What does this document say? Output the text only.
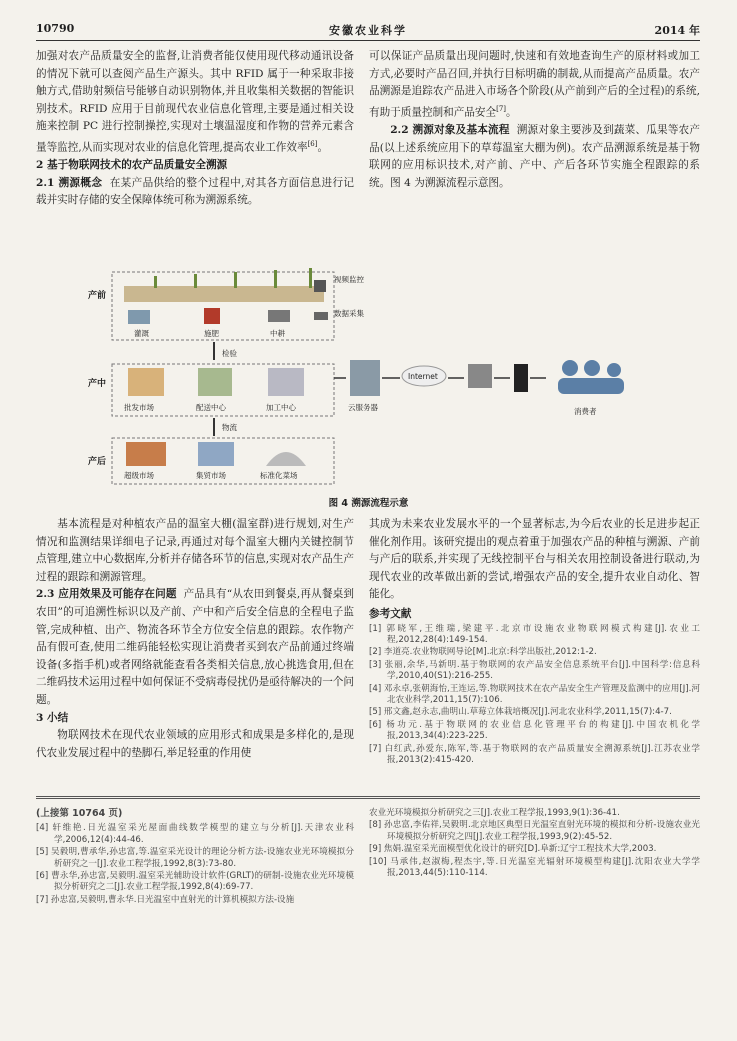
10790	安徽农业科学	2014 年

加强对农产品质量安全的监督,让消费者能仅使用现代移动通讯设备的情况下就可以查阅产品生产源头。其中 RFID 属于一种采取非接触方式,借助射频信号能够自动识别物体,并且收集相关数据的智能识别技术。RFID 应用于目前现代农业信息化管理,主要是通过相关设施来控制 PC 进行控制操控,实现对土壤温湿度和作物的营养元素含量等监控,从而实现对农业的信息化管理,提高农业工作效率[6]。

2 基于物联网技术的农产品质量安全溯源

2.1 溯源概念 在某产品供给的整个过程中,对其各方面信息进行记载并实时存储的安全保障体统可称为溯源系统。

可以保证产品质量出现问题时,快速和有效地查询生产的原材料或加工方式,必要时产品召回,并执行目标明确的制裁,从而提高产品质量。农产品溯源是追踪农产品进入市场各个阶段(从产前到产后的全过程)的系统,有助于质量控制和产品安全[7]。

2.2 溯源对象及基本流程 溯源对象主要涉及到蔬菜、瓜果等农产品(以上述系统应用下的草莓温室大棚为例)。农产品溯源系统是基于物联网的应用标识技术,对产前、产中、产后各环节实施全程跟踪的系统。图 4 为溯源流程示意图。

产前
产中
产后
灌溉	施肥	中耕
视频监控
数据采集
检验
批发市场	配送中心	加工中心
物流
超级市场	集贸市场	标准化菜场
云服务器
Internet
消费者
图 4 溯源流程示意

基本流程是对种植农产品的温室大棚(温室群)进行规划,对生产情况和监测结果详细电子记录,再通过对每个温室大棚内关键控制节点管理,建立中心数据库,分析并存储各环节的信息,实现对农产品生产过程的跟踪和溯源管理。

2.3 应用效果及可能存在问题 产品具有“从农田到餐桌,再从餐桌到农田”的可追溯性标识以及产前、产中和产后安全信息的全程电子监管,完成种植、出产、物流各环节全方位安全信息的跟踪。农作物产品有假可查,使用二维码能轻松实现让消费者买到农产品前通过终端设备(多指手机)或者网络就能查看各类相关信息,放心挑选食用,但在二维码技术运用过程中如何保证不受病毒侵扰仍是亟待解决的一个问题。

3 小结

物联网技术在现代农业领域的应用形式和成果是多样化的,是现代农业发展过程中的垫脚石,举足轻重的作用使

其成为未来农业发展水平的一个显著标志,为今后农业的长足进步起正催化剂作用。该研究提出的观点着重于加强农产品的种植与溯源、产前与产后的联系,并实现了无线控制平台与相关农用控制设备进行联动,为现代农业的改革做出新的尝试,增强农产品的安全,提升农业自动化、智能化。

参考文献

[1] 郭晓军,王维瑞,梁建平.北京市设施农业物联网模式构建[J].农业工程,2012,28(4):149-154.
[2] 李道亮.农业物联网导论[M].北京:科学出版社,2012:1-2.
[3] 张丽,余华,马新明.基于物联网的农产品安全信息系统平台[J].中国科学:信息科学,2010,40(S1):216-255.
[4] 邓永卓,张朝海怡,王连运,等.物联网技术在农产品安全生产管理及监测中的应用[J].河北农业科学,2011,15(7):106.
[5] 邢文鑫,赵永志,曲明山.草莓立体栽培概况[J].河北农业科学,2011,15(7):4-7.
[6] 杨功元.基于物联网的农业信息化管理平台的构建[J].中国农机化学报,2013,34(4):223-225.
[7] 白红武,孙爱东,陈军,等.基于物联网的农产品质量安全溯源系统[J].江苏农业学报,2013(2):415-420.
(上接第 10764 页)
[4] 轩维艳.日光温室采光屋面曲线数学模型的建立与分析[J].天津农业科学,2006,12(4):44-46.
[5] 吴毅明,曹承华,孙忠富,等.温室采光设计的理论分析方法-设施农业光环境模拟分析研究之一[J].农业工程学报,1992,8(3):73-80.
[6] 曹永华,孙忠富,吴毅明.温室采光辅助设计软件(GRLT)的研制-设施农业光环境模拟分析研究之二[J].农业工程学报,1992,8(4):69-77.
[7] 孙忠富,吴毅明,曹永华.日光温室中直射光的计算机模拟方法-设施
农业光环境模拟分析研究之三[J].农业工程学报,1993,9(1):36-41.
[8] 孙忠富,李佑祥,吴毅明.北京地区典型日光温室直射光环境的模拟和分析-设施农业光环境模拟分析研究之四[J].农业工程学报,1993,9(2):45-52.
[9] 焦娟.温室采光面模型优化设计的研究[D].阜新:辽宁工程技术大学,2003.
[10] 马承伟,赵淑梅,程杰宇,等.日光温室光辐射环境模型构建[J].沈阳农业大学学报,2013,44(5):110-114.
